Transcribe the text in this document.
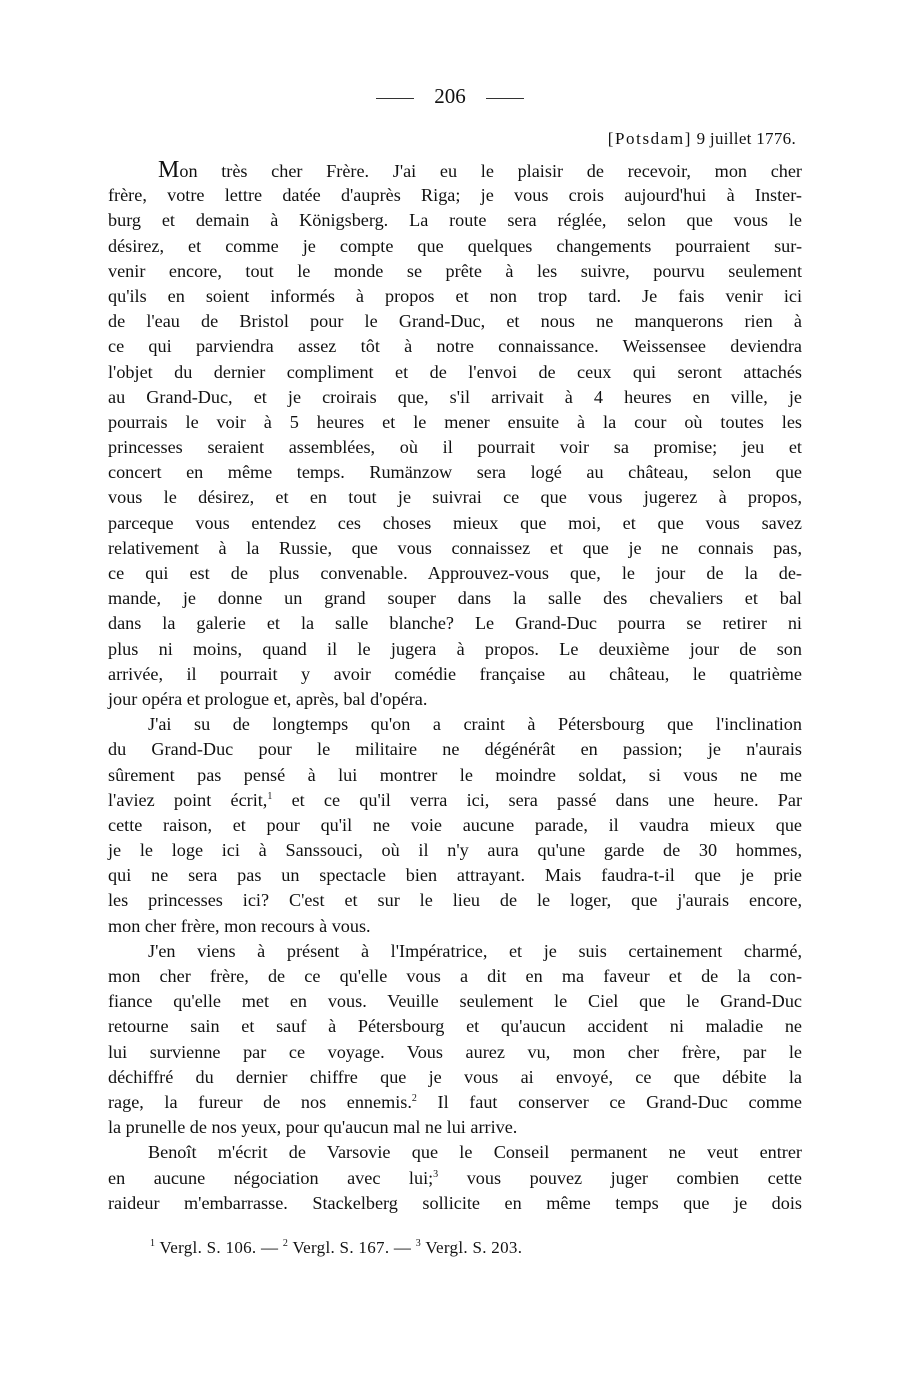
206
[Potsdam] 9 juillet 1776.
Mon très cher Frère. J'ai eu le plaisir de recevoir, mon cher
frère, votre lettre datée d'auprès Riga; je vous crois aujourd'hui à Inster-
burg et demain à Königsberg. La route sera réglée, selon que vous le
désirez, et comme je compte que quelques changements pourraient sur-
venir encore, tout le monde se prête à les suivre, pourvu seulement
qu'ils en soient informés à propos et non trop tard. Je fais venir ici
de l'eau de Bristol pour le Grand-Duc, et nous ne manquerons rien à
ce qui parviendra assez tôt à notre connaissance. Weissensee deviendra
l'objet du dernier compliment et de l'envoi de ceux qui seront attachés
au Grand-Duc, et je croirais que, s'il arrivait à 4 heures en ville, je
pourrais le voir à 5 heures et le mener ensuite à la cour où toutes les
princesses seraient assemblées, où il pourrait voir sa promise; jeu et
concert en même temps. Rumänzow sera logé au château, selon que
vous le désirez, et en tout je suivrai ce que vous jugerez à propos,
parceque vous entendez ces choses mieux que moi, et que vous savez
relativement à la Russie, que vous connaissez et que je ne connais pas,
ce qui est de plus convenable. Approuvez-vous que, le jour de la de-
mande, je donne un grand souper dans la salle des chevaliers et bal
dans la galerie et la salle blanche? Le Grand-Duc pourra se retirer ni
plus ni moins, quand il le jugera à propos. Le deuxième jour de son
arrivée, il pourrait y avoir comédie française au château, le quatrième
jour opéra et prologue et, après, bal d'opéra.
J'ai su de longtemps qu'on a craint à Pétersbourg que l'inclination
du Grand-Duc pour le militaire ne dégénérât en passion; je n'aurais
sûrement pas pensé à lui montrer le moindre soldat, si vous ne me
l'aviez point écrit,$^1$ et ce qu'il verra ici, sera passé dans une heure. Par
cette raison, et pour qu'il ne voie aucune parade, il vaudra mieux que
je le loge ici à Sanssouci, où il n'y aura qu'une garde de 30 hommes,
qui ne sera pas un spectacle bien attrayant. Mais faudra-t-il que je prie
les princesses ici? C'est et sur le lieu de le loger, que j'aurais encore,
mon cher frère, mon recours à vous.
J'en viens à présent à l'Impératrice, et je suis certainement charmé,
mon cher frère, de ce qu'elle vous a dit en ma faveur et de la con-
fiance qu'elle met en vous. Veuille seulement le Ciel que le Grand-Duc
retourne sain et sauf à Pétersbourg et qu'aucun accident ni maladie ne
lui survienne par ce voyage. Vous aurez vu, mon cher frère, par le
déchiffré du dernier chiffre que je vous ai envoyé, ce que débite la
rage, la fureur de nos ennemis.$^2$ Il faut conserver ce Grand-Duc comme
la prunelle de nos yeux, pour qu'aucun mal ne lui arrive.
Benoît m'écrit de Varsovie que le Conseil permanent ne veut entrer
en aucune négociation avec lui;$^3$ vous pouvez juger combien cette
raideur m'embarrasse. Stackelberg sollicite en même temps que je dois
$^1$ Vergl. S. 106. — $^2$ Vergl. S. 167. — $^3$ Vergl. S. 203.
